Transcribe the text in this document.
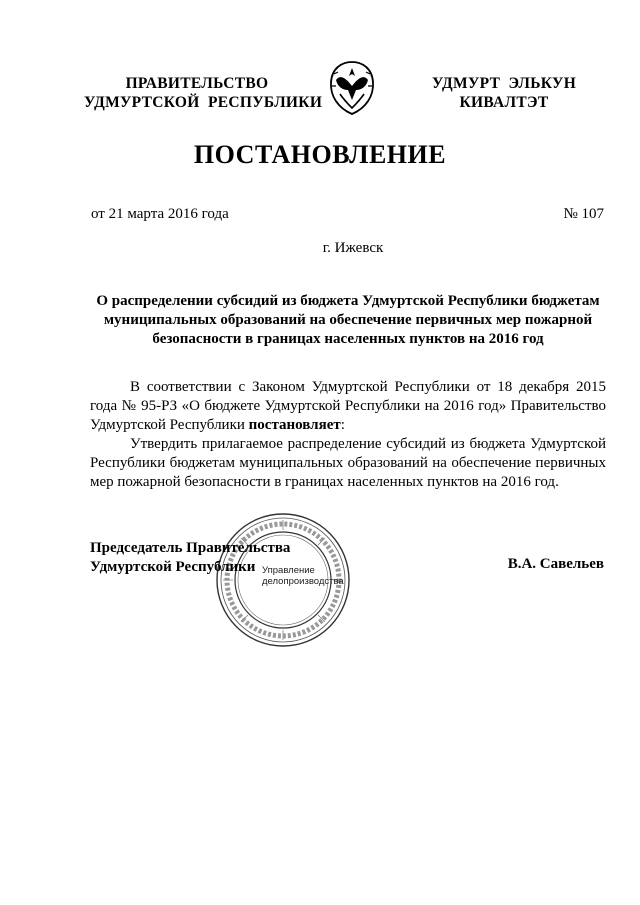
ПРАВИТЕЛЬСТВО
УДМУРТСКОЙ  РЕСПУБЛИКИ
УДМУРТ  ЭЛЬКУН
КИВАЛТЭТ
ПОСТАНОВЛЕНИЕ
от 21 марта 2016 года	№ 107
г. Ижевск
О распределении субсидий из бюджета Удмуртской Республики бюджетам муниципальных образований на обеспечение первичных мер пожарной безопасности в границах населенных пунктов на 2016 год

В соответствии с Законом Удмуртской Республики от 18 декабря 2015 года № 95-РЗ «О бюджете Удмуртской Республики на 2016 год» Правительство Удмуртской Республики постановляет:

Утвердить прилагаемое распределение субсидий из бюджета Удмуртской Республики бюджетам муниципальных образований на обеспечение первичных мер пожарной безопасности в границах населенных пунктов на 2016 год.

Управление
делопроизводства
Председатель Правительства
Удмуртской Республики	В.А. Савельев
